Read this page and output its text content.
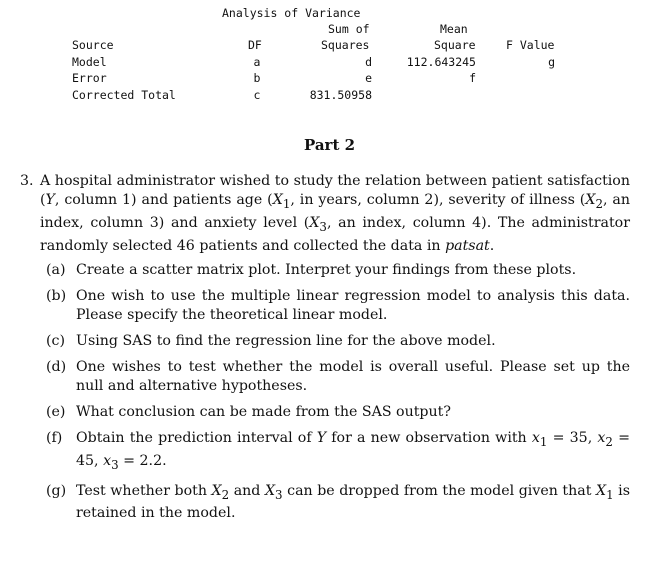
Analysis of Variance
Sum of	Mean
Source	DF	Squares	Square	F Value
Model	a	d	112.643245	g
Error	b	e	f
Corrected Total	c	831.50958
Part 2
3. A hospital administrator wished to study the relation between patient satisfaction (Y, column 1) and patients age ($X_1$, in years, column 2), severity of illness ($X_2$, an index, column 3) and anxiety level ($X_3$, an index, column 4). The administrator randomly selected 46 patients and collected the data in patsat.
(a) Create a scatter matrix plot. Interpret your findings from these plots.
(b) One wish to use the multiple linear regression model to analysis this data. Please specify the theoretical linear model.
(c) Using SAS to find the regression line for the above model.
(d) One wishes to test whether the model is overall useful. Please set up the null and alternative hypotheses.
(e) What conclusion can be made from the SAS output?
(f) Obtain the prediction interval of Y for a new observation with $x_1 = 35$, $x_2 = 45$, $x_3 = 2.2$.
(g) Test whether both $X_2$ and $X_3$ can be dropped from the model given that $X_1$ is retained in the model.
